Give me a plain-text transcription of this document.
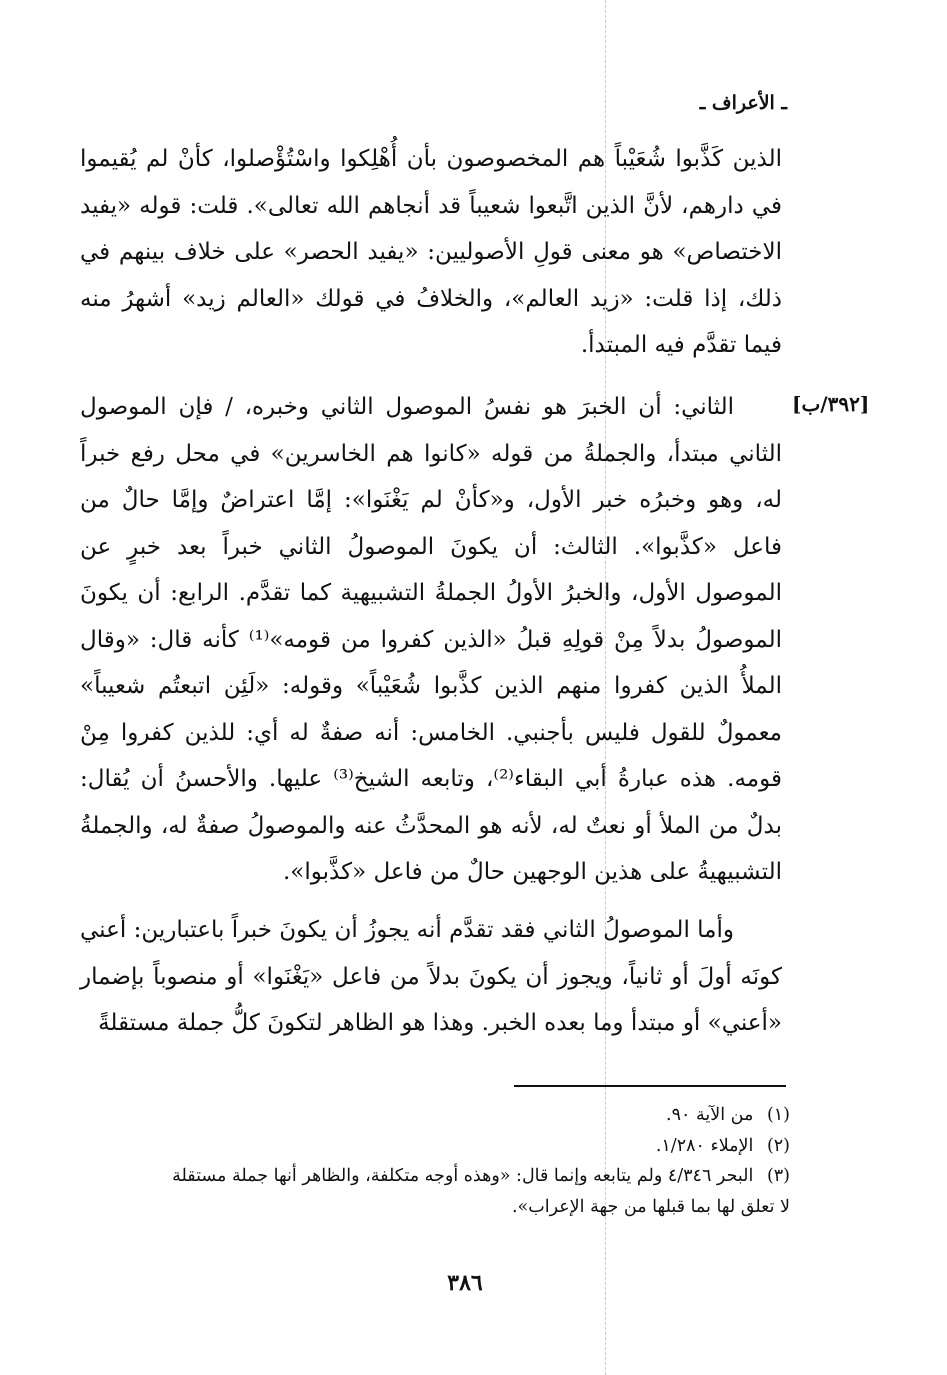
ـ الأعراف ـ
[٣٩٢/ب]

الذين كَذَّبوا شُعَيْباً هم المخصوصون بأن أُهْلِكوا واسْتُؤْصلوا، كأنْ لم يُقيموا في دارهم، لأنَّ الذين اتَّبعوا شعيباً قد أنجاهم الله تعالى». قلت: قوله «يفيد الاختصاص» هو معنى قولِ الأصوليين: «يفيد الحصر» على خلاف بينهم في ذلك، إذا قلت: «زيد العالم»، والخلافُ في قولك «العالم زيد» أشهرُ منه فيما تقدَّم فيه المبتدأ.

الثاني: أن الخبرَ هو نفسُ الموصول الثاني وخبره، / فإن الموصول الثاني مبتدأ، والجملةُ من قوله «كانوا هم الخاسرين» في محل رفع خبراً له، وهو وخبرُه خبر الأول، و«كأنْ لم يَغْنَوا»: إمَّا اعتراضٌ وإمَّا حالٌ من فاعل «كذَّبوا». الثالث: أن يكونَ الموصولُ الثاني خبراً بعد خبرٍ عن الموصول الأول، والخبرُ الأولُ الجملةُ التشبيهية كما تقدَّم. الرابع: أن يكونَ الموصولُ بدلاً مِنْ قولِهِ قبلُ «الذين كفروا من قومه»⁽¹⁾ كأنه قال: «وقال الملأُ الذين كفروا منهم الذين كذَّبوا شُعَيْباً» وقوله: «لَئِن اتبعتُم شعيباً» معمولٌ للقول فليس بأجنبي. الخامس: أنه صفةٌ له أي: للذين كفروا مِنْ قومه. هذه عبارةُ أبي البقاء⁽²⁾، وتابعه الشيخ⁽³⁾ عليها. والأحسنُ أن يُقال: بدلٌ من الملأ أو نعتٌ له، لأنه هو المحدَّثُ عنه والموصولُ صفةٌ له، والجملةُ التشبيهيةُ على هذين الوجهين حالٌ من فاعل «كذَّبوا».

وأما الموصولُ الثاني فقد تقدَّم أنه يجوزُ أن يكونَ خبراً باعتبارين: أعني كونَه أولَ أو ثانياً، ويجوز أن يكونَ بدلاً من فاعل «يَغْنَوا» أو منصوباً بإضمار «أعني» أو مبتدأ وما بعده الخبر. وهذا هو الظاهر لتكونَ كلُّ جملة مستقلةً

(١) من الآية ٩٠.
(٢) الإملاء ١/٢٨٠.
(٣) البحر ٤/٣٤٦ ولم يتابعه وإنما قال: «وهذه أوجه متكلفة، والظاهر أنها جملة مستقلة
لا تعلق لها بما قبلها من جهة الإعراب».
٣٨٦
